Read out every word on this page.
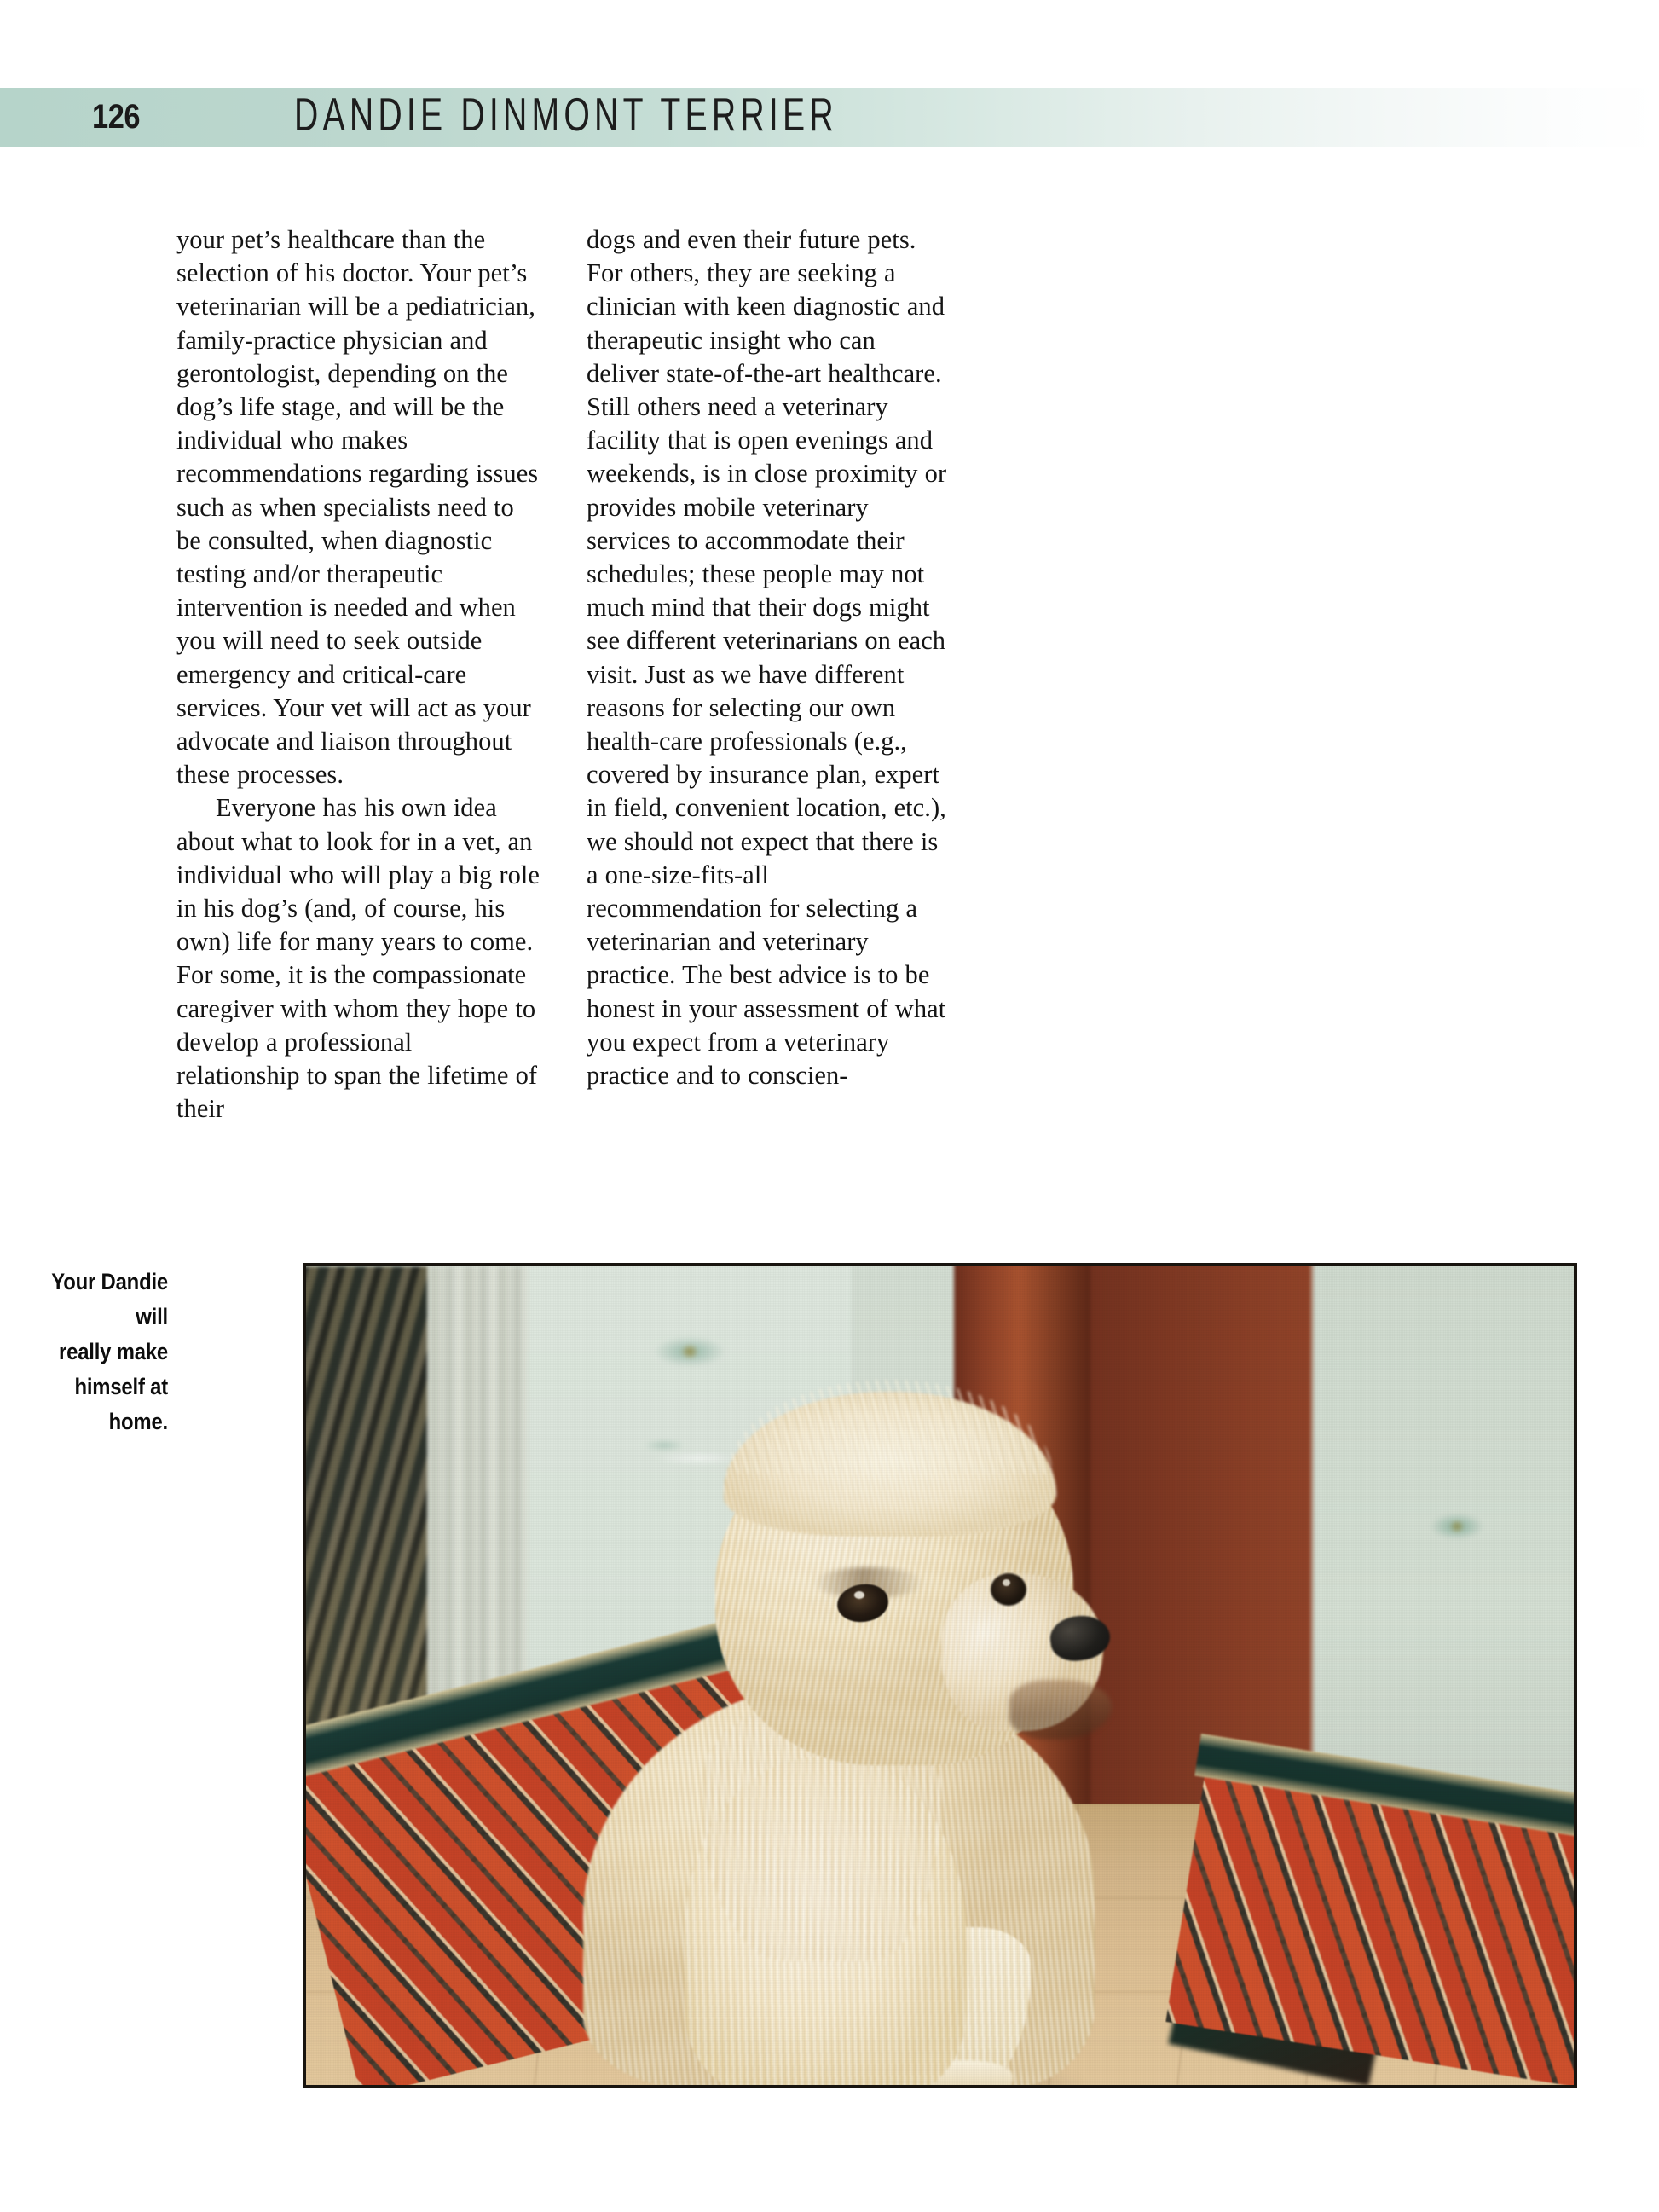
126	DANDIE DINMONT TERRIER

your pet’s healthcare than the selection of his doctor. Your pet’s veterinarian will be a pediatrician, family-practice physician and gerontologist, depending on the dog’s life stage, and will be the individual who makes recommendations regarding issues such as when specialists need to be consulted, when diagnostic testing and/or therapeutic intervention is needed and when you will need to seek outside emergency and critical-care services. Your vet will act as your advocate and liaison throughout these processes.

Everyone has his own idea about what to look for in a vet, an individual who will play a big role in his dog’s (and, of course, his own) life for many years to come. For some, it is the compassionate caregiver with whom they hope to develop a professional relationship to span the lifetime of their

dogs and even their future pets. For others, they are seeking a clinician with keen diagnostic and therapeutic insight who can deliver state-of-the-art healthcare. Still others need a veterinary facility that is open evenings and weekends, is in close proximity or provides mobile veterinary services to accommodate their schedules; these people may not much mind that their dogs might see different veterinarians on each visit. Just as we have different reasons for selecting our own health-care professionals (e.g., covered by insurance plan, expert in field, convenient location, etc.), we should not expect that there is a one-size-fits-all recommendation for selecting a veterinarian and veterinary practice. The best advice is to be honest in your assessment of what you expect from a veterinary practice and to conscien-

Your Dandie will
really make
himself at home.
